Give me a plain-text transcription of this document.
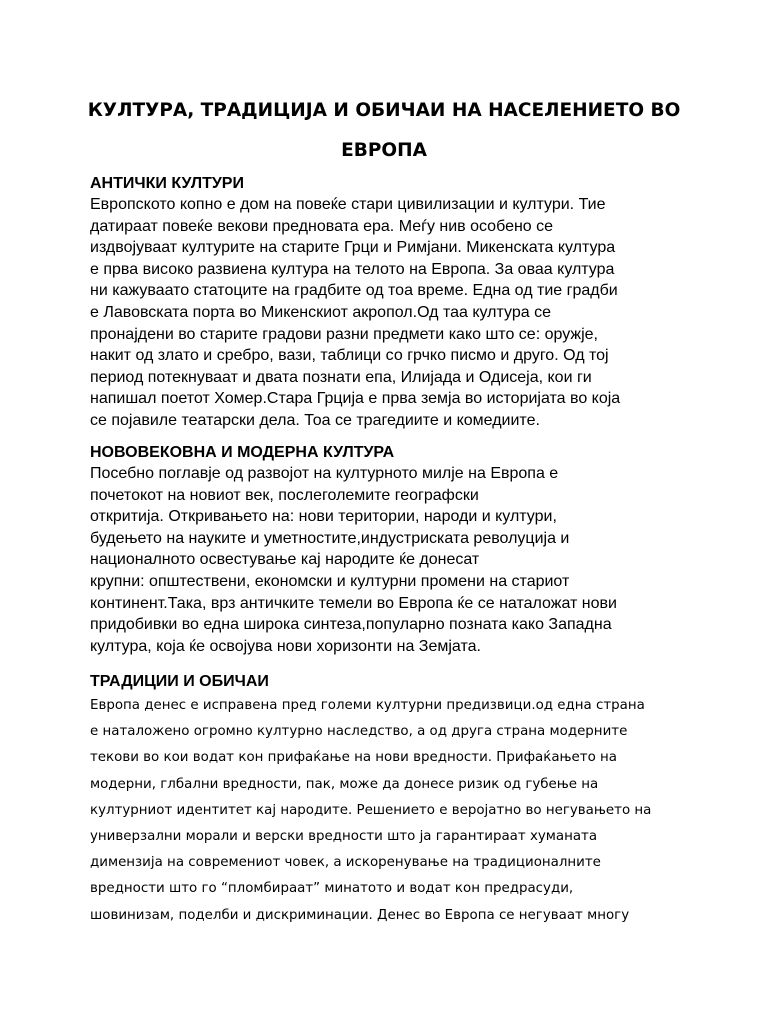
КУЛТУРА, ТРАДИЦИЈА И ОБИЧАИ НА НАСЕЛЕНИЕТО ВО
ЕВРОПА
АНТИЧКИ КУЛТУРИ
Европското копно е дом на повеќе стари цивилизации и култури. Тие
датираат повеќе векови предновата ера. Меѓу нив особено се
издвојуваат културите на старите Грци и Римјани. Микенската култура
е прва високо развиена култура на телото на Европа. За оваа култура
ни кажуваато статоците на градбите од тоа време. Една од тие градби
е Лавовската порта во Микенскиот акропол.Од таа култура се
пронајдени во старите градови разни предмети како што се: оружје,
накит од злато и сребро, вази, таблици со грчко писмо и друго. Од тој
период потекнуваат и двата познати епа, Илијада и Одисеја, кои ги
напишал поетот Хомер.Стара Грција е прва земја во историјата во која
се појавиле театарски дела. Тоа се трагедиите и комедиите.
НОВОВЕКОВНА И МОДЕРНА КУЛТУРА
Посебно поглавје од развојот на културното милје на Европа е
почетокот на новиот век, послеголемите географски
откритија. Откривањето на: нови територии, народи и култури,
будењето на науките и уметностите,индустриската револуција и
националното освестување кај народите ќе донесат
крупни: општествени, економски и културни промени на стариот
континент.Така, врз античките темели во Европа ќе се наталожат нови
придобивки во една широка синтеза,популарно позната како Западна
култура, која ќе освојува нови хоризонти на Земјата.
ТРАДИЦИИ И ОБИЧАИ
Европа денес е исправена пред големи културни предизвици.од една страна
е наталожено огромно културно наследство, а од друга страна модерните
текови во кои водат кон прифаќање на нови вредности. Прифаќањето на
модерни, глбални вредности, пак, може да донесе ризик од губење на
културниот идентитет кај народите. Решението е веројатно во негувањето на
универзални морали и верски вредности што ја гарантираат хуманата
димензија на современиот човек, а искоренување на традиционалните
вредности што го “пломбираат” минатото и водат кон предрасуди,
шовинизам, поделби и дискриминации. Денес во Европа се негуваат многу
